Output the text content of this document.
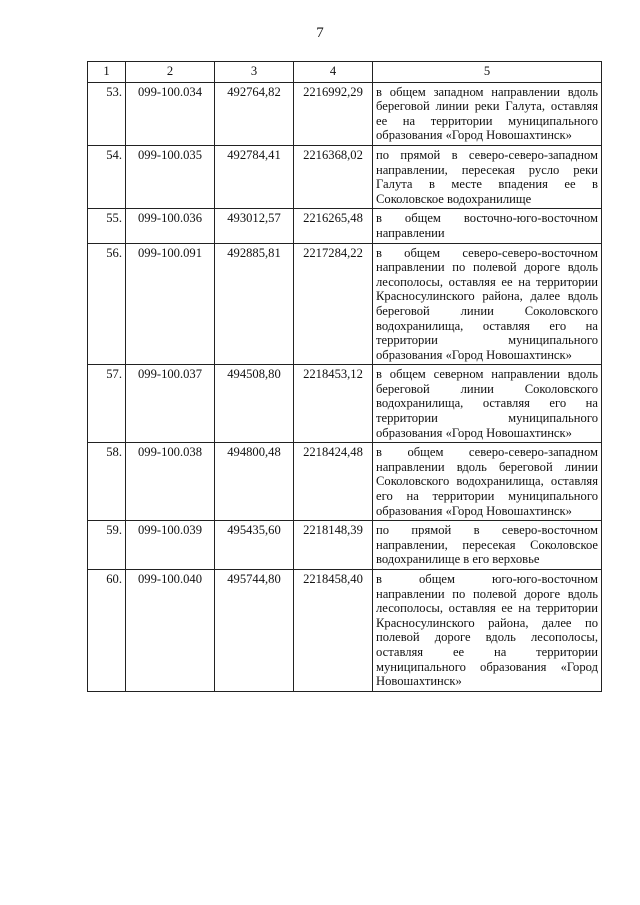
7
1	2	3	4	5
53.	099-100.034	492764,82	2216992,29	в общем западном направлении вдоль береговой линии реки Галута, оставляя ее на территории муниципального образования «Город Новошахтинск»
54.	099-100.035	492784,41	2216368,02	по прямой в северо-северо-западном направлении, пересекая русло реки Галута в месте впадения ее в Соколовское водохранилище
55.	099-100.036	493012,57	2216265,48	в общем восточно-юго-восточном направлении
56.	099-100.091	492885,81	2217284,22	в общем северо-северо-восточном направлении по полевой дороге вдоль лесополосы, оставляя ее на территории Красносулинского района, далее вдоль береговой линии Соколовского водохранилища, оставляя его на территории муниципального образования «Город Новошахтинск»
57.	099-100.037	494508,80	2218453,12	в общем северном направлении вдоль береговой линии Соколовского водохранилища, оставляя его на территории муниципального образования «Город Новошахтинск»
58.	099-100.038	494800,48	2218424,48	в общем северо-северо-западном направлении вдоль береговой линии Соколовского водохранилища, оставляя его на территории муниципального образования «Город Новошахтинск»
59.	099-100.039	495435,60	2218148,39	по прямой в северо-восточном направлении, пересекая Соколовское водохранилище в его верховье
60.	099-100.040	495744,80	2218458,40	в общем юго-юго-восточном направлении по полевой дороге вдоль лесополосы, оставляя ее на территории Красносулинского района, далее по полевой дороге вдоль лесополосы, оставляя ее на территории муниципального образования «Город Новошахтинск»
